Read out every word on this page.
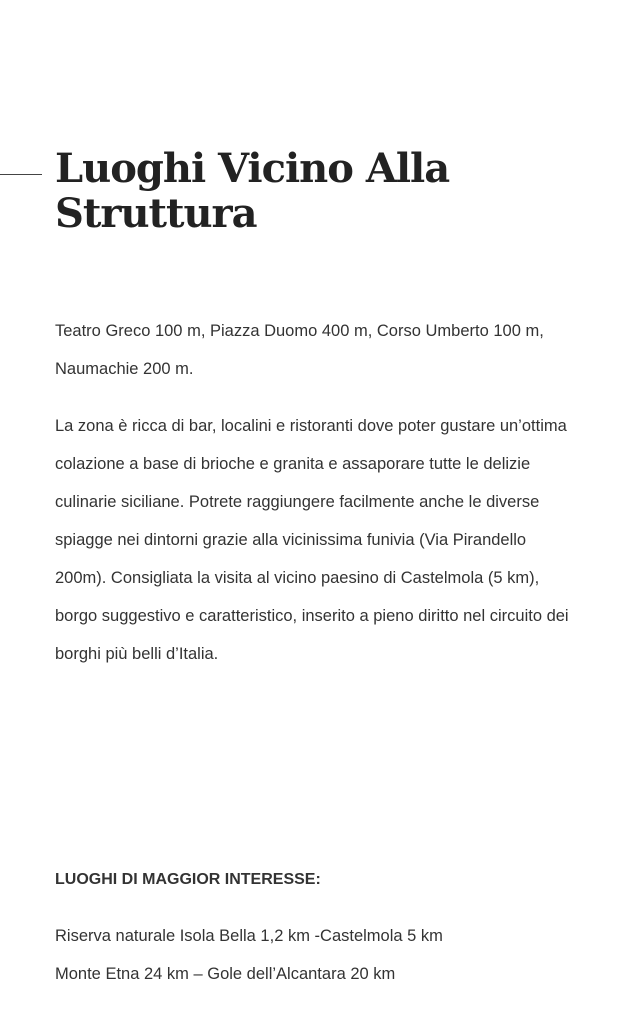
Luoghi Vicino Alla
Struttura

Teatro Greco 100 m, Piazza Duomo 400 m, Corso Umberto 100 m, Naumachie 200 m.

La zona è ricca di bar, localini e ristoranti dove poter gustare un’ottima colazione a base di brioche e granita e assaporare tutte le delizie culinarie siciliane. Potrete raggiungere facilmente anche le diverse spiagge nei dintorni grazie alla vicinissima funivia (Via Pirandello 200m). Consigliata la visita al vicino paesino di Castelmola (5 km), borgo suggestivo e caratteristico, inserito a pieno diritto nel circuito dei borghi più belli d’Italia.

LUOGHI DI MAGGIOR INTERESSE:

Riserva naturale Isola Bella 1,2 km -Castelmola 5 km
Monte Etna 24 km – Gole dell’Alcantara 20 km
